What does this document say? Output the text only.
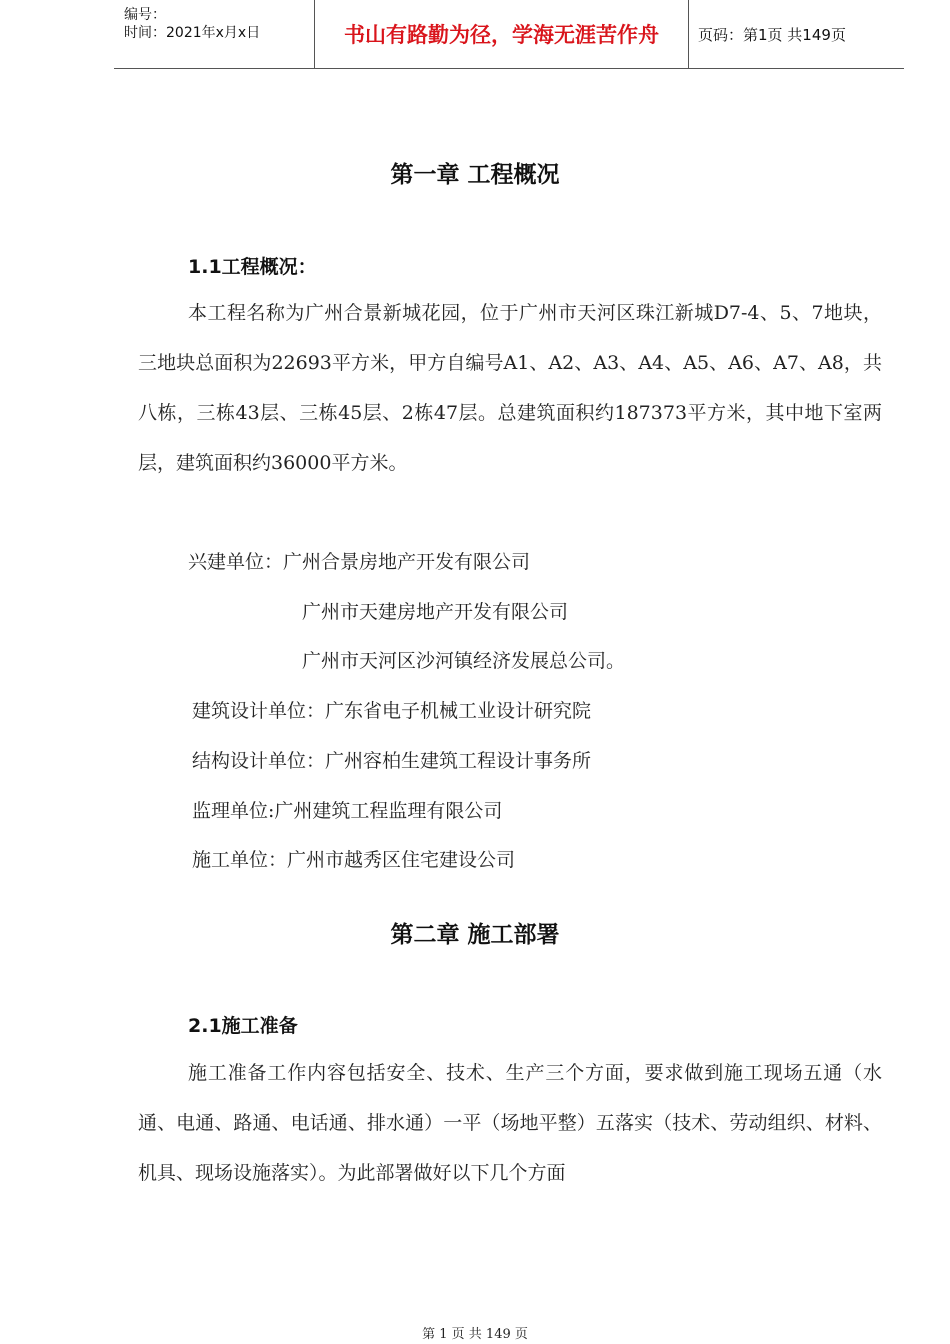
编号：
时间：2021年x月x日	书山有路勤为径，学海无涯苦作舟	页码：第1页 共149页
第一章 工程概况
1.1工程概况：

本工程名称为广州合景新城花园，位于广州市天河区珠江新城D7-4、5、7地块，三地块总面积为22693平方米，甲方自编号A1、A2、A3、A4、A5、A6、A7、A8，共八栋，三栋43层、三栋45层、2栋47层。总建筑面积约187373平方米，其中地下室两层，建筑面积约36000平方米。

兴建单位：广州合景房地产开发有限公司

广州市天建房地产开发有限公司

广州市天河区沙河镇经济发展总公司。

建筑设计单位：广东省电子机械工业设计研究院

结构设计单位：广州容柏生建筑工程设计事务所

监理单位:广州建筑工程监理有限公司

施工单位：广州市越秀区住宅建设公司

第二章 施工部署
2.1施工准备

施工准备工作内容包括安全、技术、生产三个方面，要求做到施工现场五通（水通、电通、路通、电话通、排水通）一平（场地平整）五落实（技术、劳动组织、材料、机具、现场设施落实）。为此部署做好以下几个方面

第 1 页 共 149 页
